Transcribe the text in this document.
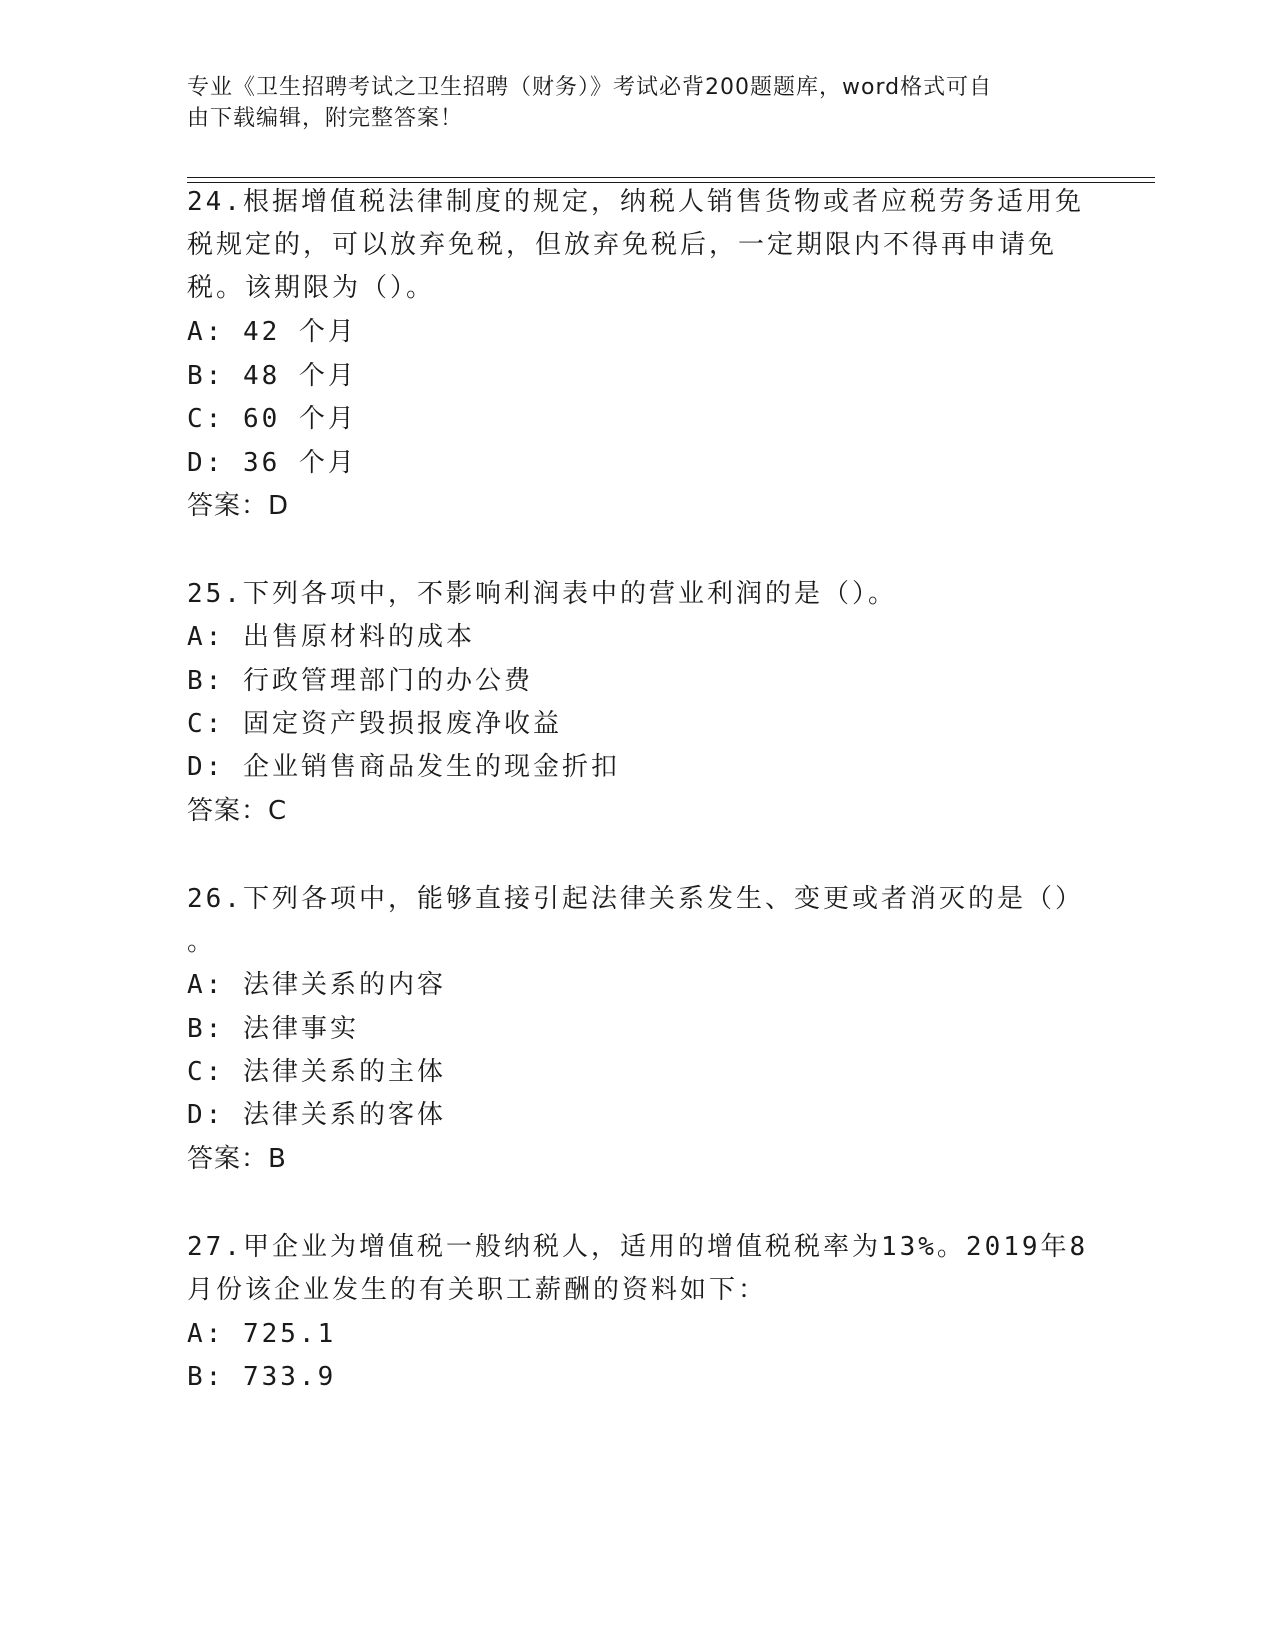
专业《卫生招聘考试之卫生招聘（财务）》考试必背200题题库，word格式可自
由下载编辑，附完整答案！
24.根据增值税法律制度的规定，纳税人销售货物或者应税劳务适用免
税规定的，可以放弃免税，但放弃免税后，一定期限内不得再申请免
税。该期限为（）。
A: 42 个月
B: 48 个月
C: 60 个月
D: 36 个月
答案：D
25.下列各项中，不影响利润表中的营业利润的是（）。
A: 出售原材料的成本
B: 行政管理部门的办公费
C: 固定资产毁损报废净收益
D: 企业销售商品发生的现金折扣
答案：C
26.下列各项中，能够直接引起法律关系发生、变更或者消灭的是（）
。
A: 法律关系的内容
B: 法律事实
C: 法律关系的主体
D: 法律关系的客体
答案：B
27.甲企业为增值税一般纳税人，适用的增值税税率为13%。2019年8
月份该企业发生的有关职工薪酬的资料如下：
A: 725.1
B: 733.9
